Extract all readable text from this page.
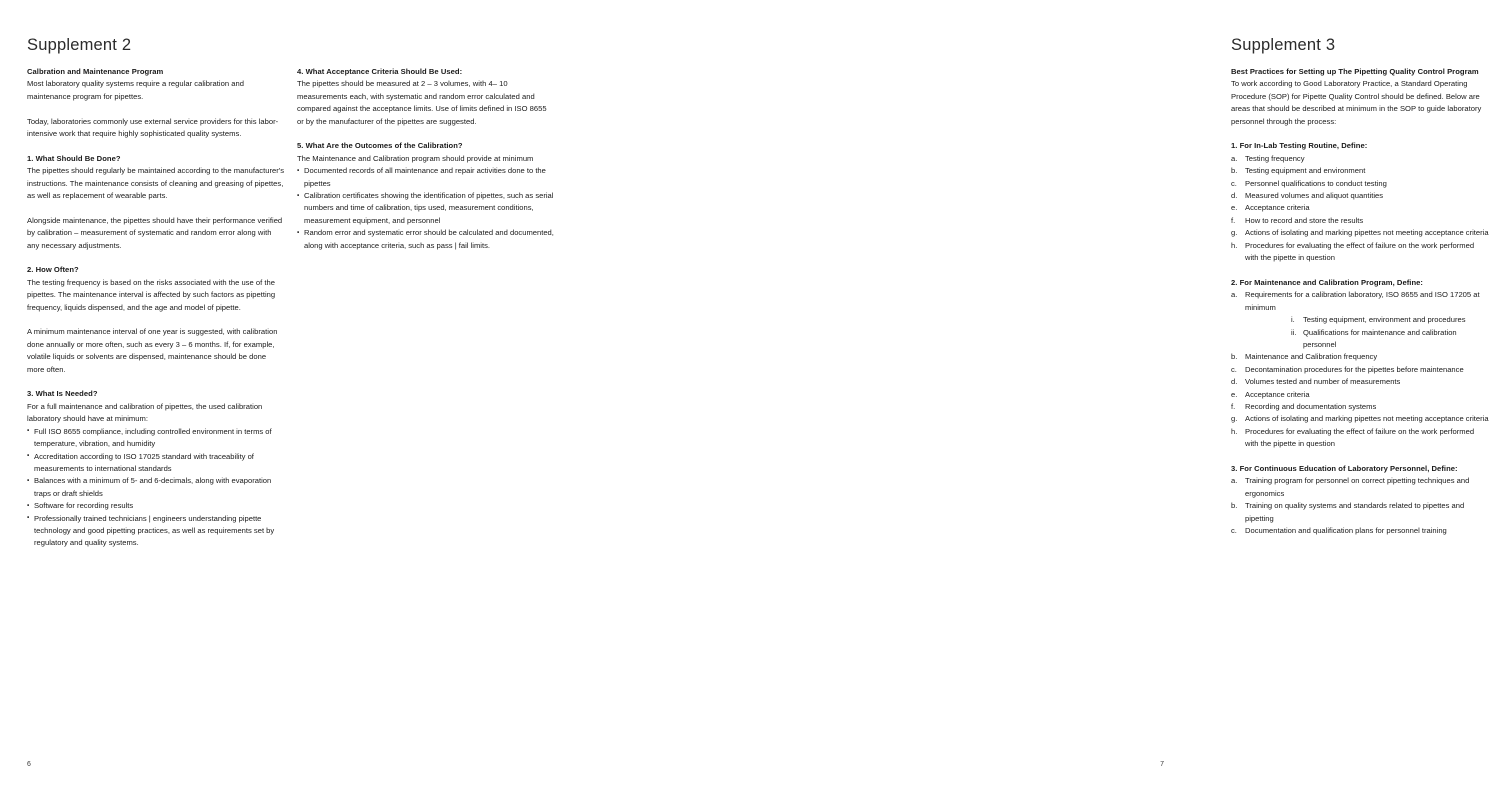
Supplement 2
Calbration and Maintenance Program

Most laboratory quality systems require a regular calibration and maintenance program for pipettes.

Today, laboratories commonly use external service providers for this labor-intensive work that require highly sophisticated quality systems.

1. What Should Be Done?

The pipettes should regularly be maintained according to the manufacturer's instructions. The maintenance consists of cleaning and greasing of pipettes, as well as replacement of wearable parts.

Alongside maintenance, the pipettes should have their performance verified by calibration – measurement of systematic and random error along with any necessary adjustments.

2. How Often?

The testing frequency is based on the risks associated with the use of the pipettes. The maintenance interval is affected by such factors as pipetting frequency, liquids dispensed, and the age and model of pipette.

A minimum maintenance interval of one year is suggested, with calibration done annually or more often, such as every 3 – 6 months. If, for example, volatile liquids or solvents are dispensed, maintenance should be done more often.

3. What Is Needed?

For a full maintenance and calibration of pipettes, the used calibration laboratory should have at minimum:

▪ Full ISO 8655 compliance, including controlled environment in terms of temperature, vibration, and humidity
▪ Accreditation according to ISO 17025 standard with traceability of measurements to international standards
▪ Balances with a minimum of 5- and 6-decimals, along with evaporation traps or draft shields
▪ Software for recording results
▪ Professionally trained technicians | engineers understanding pipette technology and good pipetting practices, as well as requirements set by regulatory and quality systems.
4. What Acceptance Criteria Should Be Used:

The pipettes should be measured at 2 – 3 volumes, with 4– 10 measurements each, with systematic and random error calculated and compared against the acceptance limits. Use of limits defined in ISO 8655 or by the manufacturer of the pipettes are suggested.

5. What Are the Outcomes of the Calibration?

The Maintenance and Calibration program should provide at minimum

▪ Documented records of all maintenance and repair activities done to the pipettes
▪ Calibration certificates showing the identification of pipettes, such as serial numbers and time of calibration, tips used, measurement conditions, measurement equipment, and personnel
▪ Random error and systematic error should be calculated and documented, along with acceptance criteria, such as pass | fail limits.
6
Supplement 3
Best Practices for Setting up The Pipetting Quality Control Program

To work according to Good Laboratory Practice, a Standard Operating Procedure (SOP) for Pipette Quality Control should be defined. Below are areas that should be described at minimum in the SOP to guide laboratory personnel through the process:

1. For In-Lab Testing Routine, Define:
a.	Testing frequency
b.	Testing equipment and environment
c.	Personnel qualifications to conduct testing
d.	Measured volumes and aliquot quantities
e.	Acceptance criteria
f.	How to record and store the results
g.	Actions of isolating and marking pipettes not meeting acceptance criteria
h.	Procedures for evaluating the effect of failure on the work performed with the pipette in question
2. For Maintenance and Calibration Program, Define:
a.	Requirements for a calibration laboratory, ISO 8655 and ISO 17205 at minimum
i. Testing equipment, environment and procedures
ii. Qualifications for maintenance and calibration personnel
b.	Maintenance and Calibration frequency
c.	Decontamination procedures for the pipettes before maintenance
d.	Volumes tested and number of measurements
e.	Acceptance criteria
f.	Recording and documentation systems
g.	Actions of isolating and marking pipettes not meeting acceptance criteria
h.	Procedures for evaluating the effect of failure on the work performed with the pipette in question
3. For Continuous Education of Laboratory Personnel, Define:
a.	Training program for personnel on correct pipetting techniques and ergonomics
b.	Training on quality systems and standards related to pipettes and pipetting
c.	Documentation and qualification plans for personnel training
7
